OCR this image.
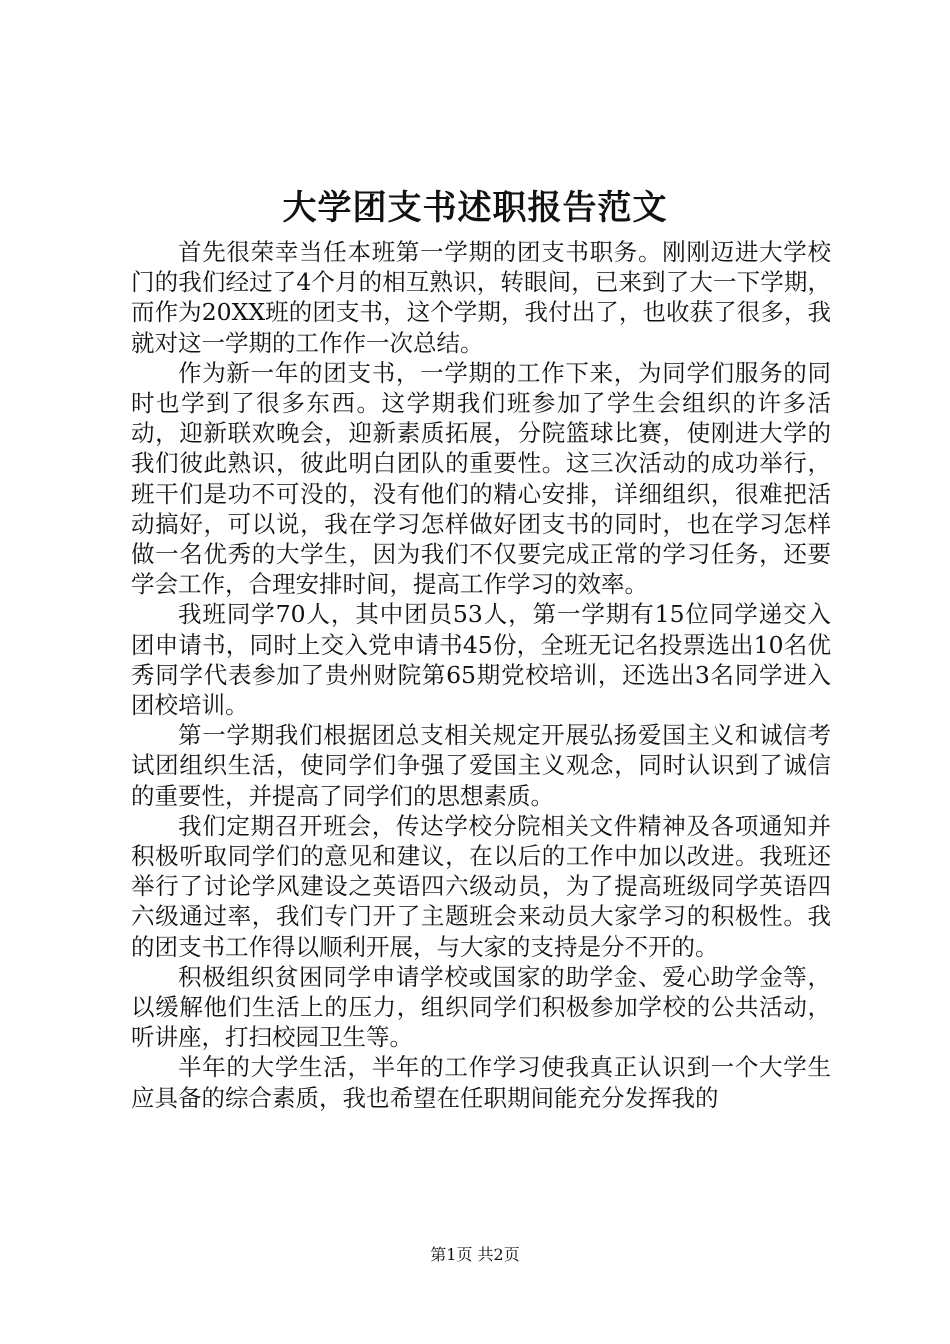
大学团支书述职报告范文

首先很荣幸当任本班第一学期的团支书职务。刚刚迈进大学校门的我们经过了4个月的相互熟识，转眼间，已来到了大一下学期，而作为20XX班的团支书，这个学期，我付出了，也收获了很多，我就对这一学期的工作作一次总结。

作为新一年的团支书，一学期的工作下来，为同学们服务的同时也学到了很多东西。这学期我们班参加了学生会组织的许多活动，迎新联欢晚会，迎新素质拓展，分院篮球比赛，使刚进大学的我们彼此熟识，彼此明白团队的重要性。这三次活动的成功举行，班干们是功不可没的，没有他们的精心安排，详细组织，很难把活动搞好，可以说，我在学习怎样做好团支书的同时，也在学习怎样做一名优秀的大学生，因为我们不仅要完成正常的学习任务，还要学会工作，合理安排时间，提高工作学习的效率。

我班同学70人，其中团员53人，第一学期有15位同学递交入团申请书，同时上交入党申请书45份，全班无记名投票选出10名优秀同学代表参加了贵州财院第65期党校培训，还选出3名同学进入团校培训。

第一学期我们根据团总支相关规定开展弘扬爱国主义和诚信考试团组织生活，使同学们争强了爱国主义观念，同时认识到了诚信的重要性，并提高了同学们的思想素质。

我们定期召开班会，传达学校分院相关文件精神及各项通知并积极听取同学们的意见和建议，在以后的工作中加以改进。我班还举行了讨论学风建设之英语四六级动员，为了提高班级同学英语四六级通过率，我们专门开了主题班会来动员大家学习的积极性。我的团支书工作得以顺利开展，与大家的支持是分不开的。

积极组织贫困同学申请学校或国家的助学金、爱心助学金等，以缓解他们生活上的压力，组织同学们积极参加学校的公共活动，听讲座，打扫校园卫生等。

半年的大学生活，半年的工作学习使我真正认识到一个大学生应具备的综合素质，我也希望在任职期间能充分发挥我的

第1页 共2页
